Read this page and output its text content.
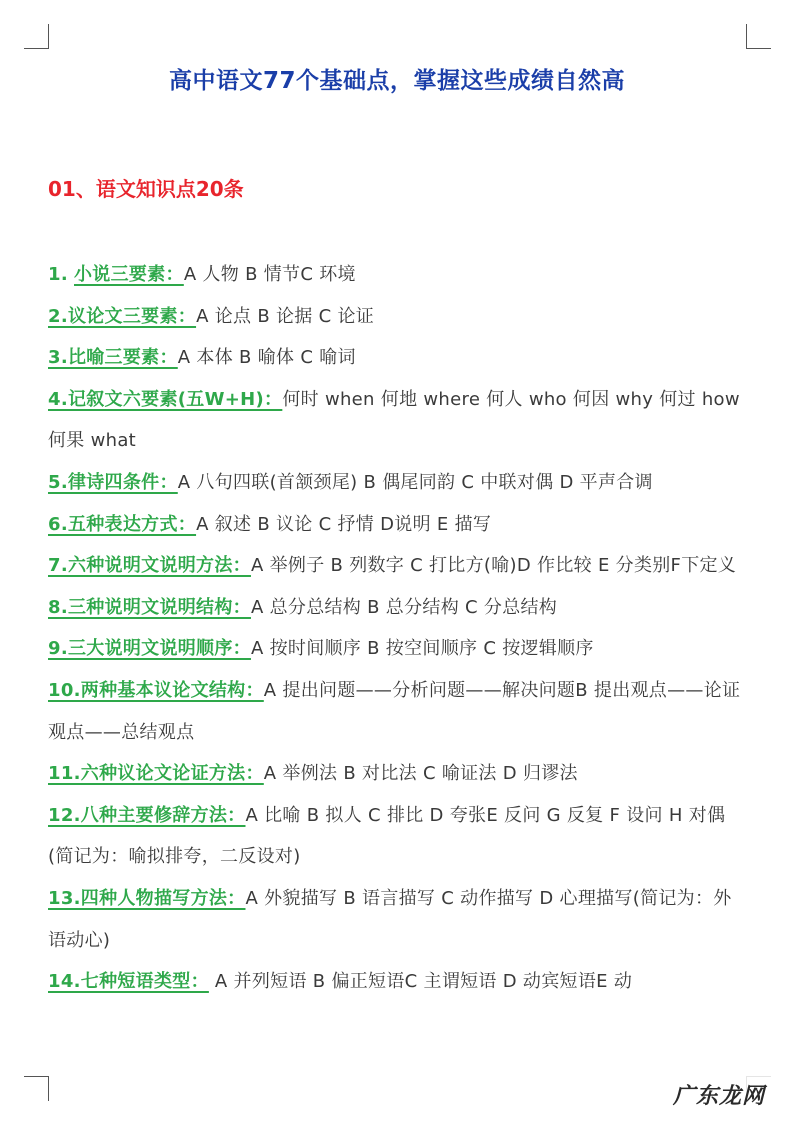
高中语文77个基础点，掌握这些成绩自然高
01、语文知识点20条

1. 小说三要素：A 人物 B 情节C 环境

2.议论文三要素：A 论点 B 论据 C 论证

3.比喻三要素：A 本体 B 喻体 C 喻词

4.记叙文六要素(五W+H)：何时 when 何地 where 何人 who 何因 why 何过 how 何果 what

5.律诗四条件：A 八句四联(首颔颈尾) B 偶尾同韵 C 中联对偶 D 平声合调

6.五种表达方式：A 叙述 B 议论 C 抒情 D说明 E 描写

7.六种说明文说明方法：A 举例子 B 列数字 C 打比方(喻)D 作比较 E 分类别F下定义

8.三种说明文说明结构：A 总分总结构 B 总分结构 C 分总结构

9.三大说明文说明顺序：A 按时间顺序 B 按空间顺序 C 按逻辑顺序

10.两种基本议论文结构：A 提出问题——分析问题——解决问题B 提出观点——论证观点——总结观点

11.六种议论文论证方法：A 举例法 B 对比法 C 喻证法 D 归谬法

12.八种主要修辞方法：A 比喻 B 拟人 C 排比 D 夸张E 反问 G 反复 F 设问 H 对偶(简记为：喻拟排夸，二反设对)

13.四种人物描写方法：A 外貌描写 B 语言描写 C 动作描写 D 心理描写(简记为：外语动心)

14.七种短语类型： A 并列短语 B 偏正短语C 主谓短语 D 动宾短语E 动

广东龙网
